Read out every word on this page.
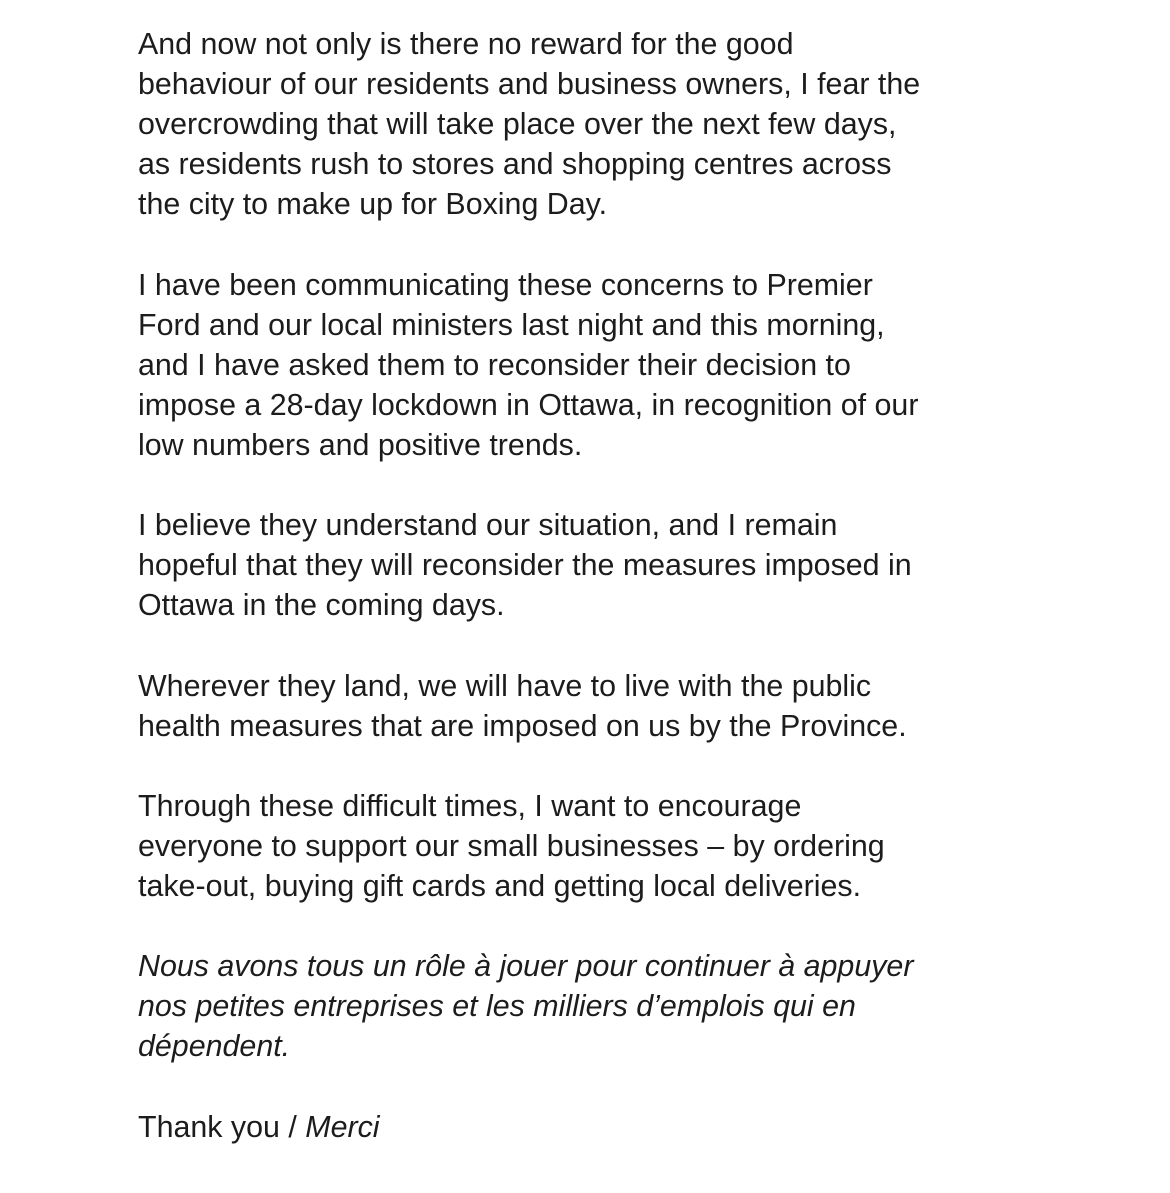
And now not only is there no reward for the good
behaviour of our residents and business owners, I fear the
overcrowding that will take place over the next few days,
as residents rush to stores and shopping centres across
the city to make up for Boxing Day.

I have been communicating these concerns to Premier
Ford and our local ministers last night and this morning,
and I have asked them to reconsider their decision to
impose a 28-day lockdown in Ottawa, in recognition of our
low numbers and positive trends.

I believe they understand our situation, and I remain
hopeful that they will reconsider the measures imposed in
Ottawa in the coming days.

Wherever they land, we will have to live with the public
health measures that are imposed on us by the Province.

Through these difficult times, I want to encourage
everyone to support our small businesses – by ordering
take-out, buying gift cards and getting local deliveries.

Nous avons tous un rôle à jouer pour continuer à appuyer
nos petites entreprises et les milliers d’emplois qui en
dépendent.

Thank you / Merci
